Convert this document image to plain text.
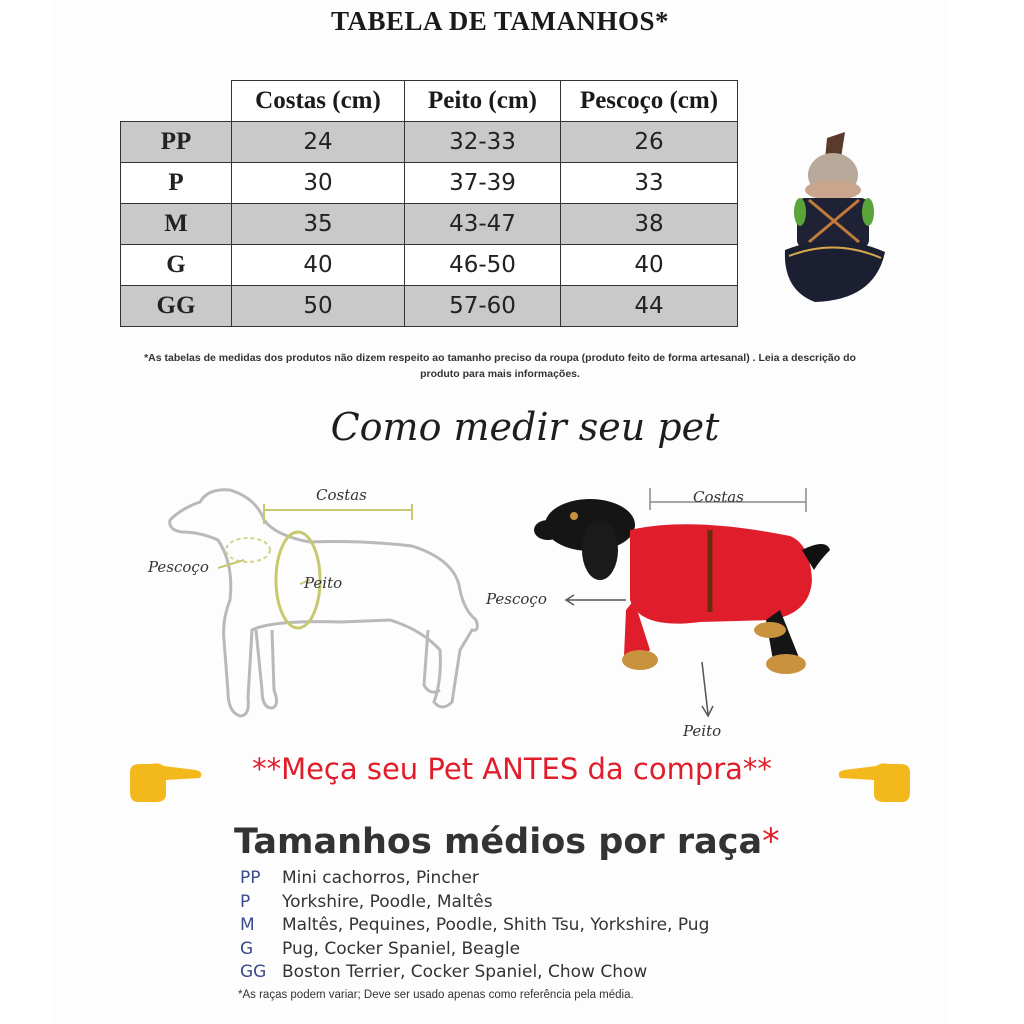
TABELA DE TAMANHOS*
	Costas (cm)	Peito (cm)	Pescoço (cm)
PP	24	32-33	26
P	30	37-39	33
M	35	43-47	38
G	40	46-50	40
GG	50	57-60	44
*As tabelas de medidas dos produtos não dizem respeito ao tamanho preciso da roupa (produto feito de forma artesanal) . Leia a descrição do
produto para mais informações.
Como medir seu pet
Costas
Pescoço
Peito
Costas
Pescoço
Peito
**Meça seu Pet ANTES da compra**
Tamanhos médios por raça*
PP Mini cachorros, Pincher
P Yorkshire, Poodle, Maltês
M Maltês, Pequines, Poodle, Shith Tsu, Yorkshire, Pug
G Pug, Cocker Spaniel, Beagle
GG Boston Terrier, Cocker Spaniel, Chow Chow
*As raças podem variar; Deve ser usado apenas como referência pela média.
